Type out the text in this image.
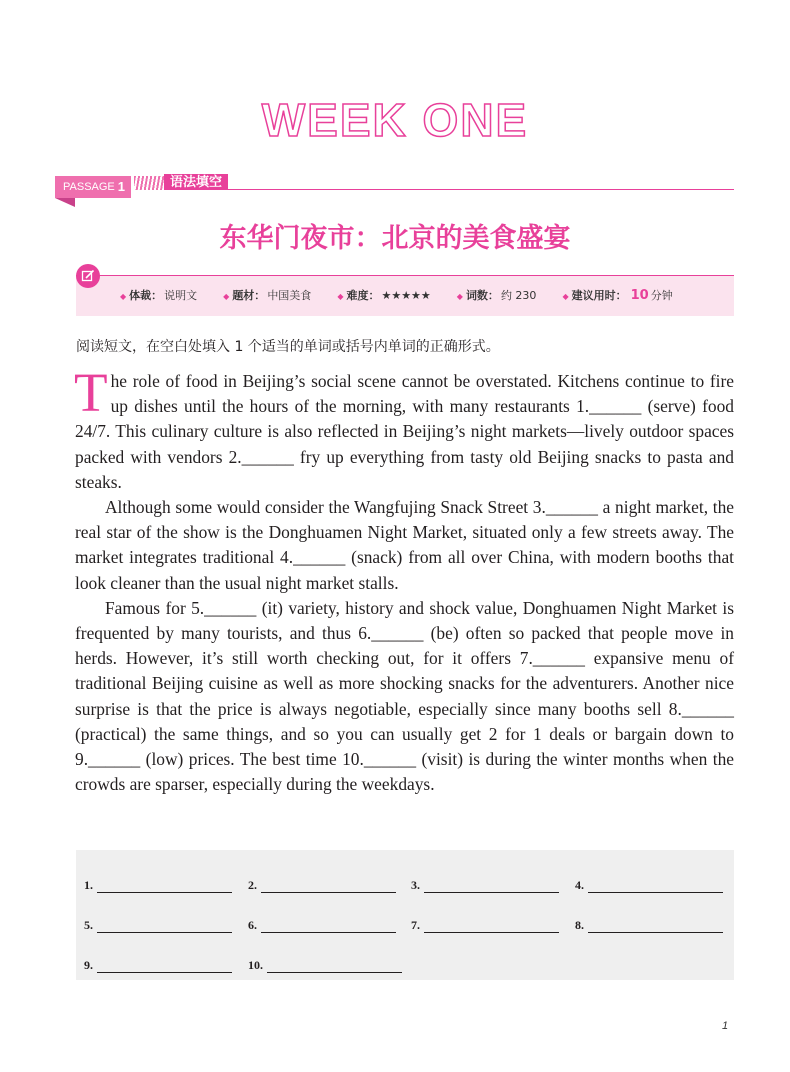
WEEK ONE
PASSAGE 1	语法填空
东华门夜市：北京的美食盛宴
◆ 体裁： 说明文	◆ 题材： 中国美食	◆ 难度： ★★★★★	◆ 词数： 约 230	◆ 建议用时： 10 分钟
阅读短文，在空白处填入 1 个适当的单词或括号内单词的正确形式。

The role of food in Beijing’s social scene cannot be overstated. Kitchens continue to fire up dishes until the hours of the morning, with many restaurants 1.______ (serve) food 24/7. This culinary culture is also reflected in Beijing’s night markets—lively outdoor spaces packed with vendors 2.______ fry up everything from tasty old Beijing snacks to pasta and steaks.

Although some would consider the Wangfujing Snack Street 3.______ a night market, the real star of the show is the Donghuamen Night Market, situated only a few streets away. The market integrates traditional 4.______ (snack) from all over China, with modern booths that look cleaner than the usual night market stalls.

Famous for 5.______ (it) variety, history and shock value, Donghuamen Night Market is frequented by many tourists, and thus 6.______ (be) often so packed that people move in herds. However, it’s still worth checking out, for it offers 7.______ expansive menu of traditional Beijing cuisine as well as more shocking snacks for the adventurers. Another nice surprise is that the price is always negotiable, especially since many booths sell 8.______ (practical) the same things, and so you can usually get 2 for 1 deals or bargain down to 9.______ (low) prices. The best time 10.______ (visit) is during the winter months when the crowds are sparser, especially during the weekdays.

1.	2.	3.	4.
5.	6.	7.	8.
9.	10.
1
